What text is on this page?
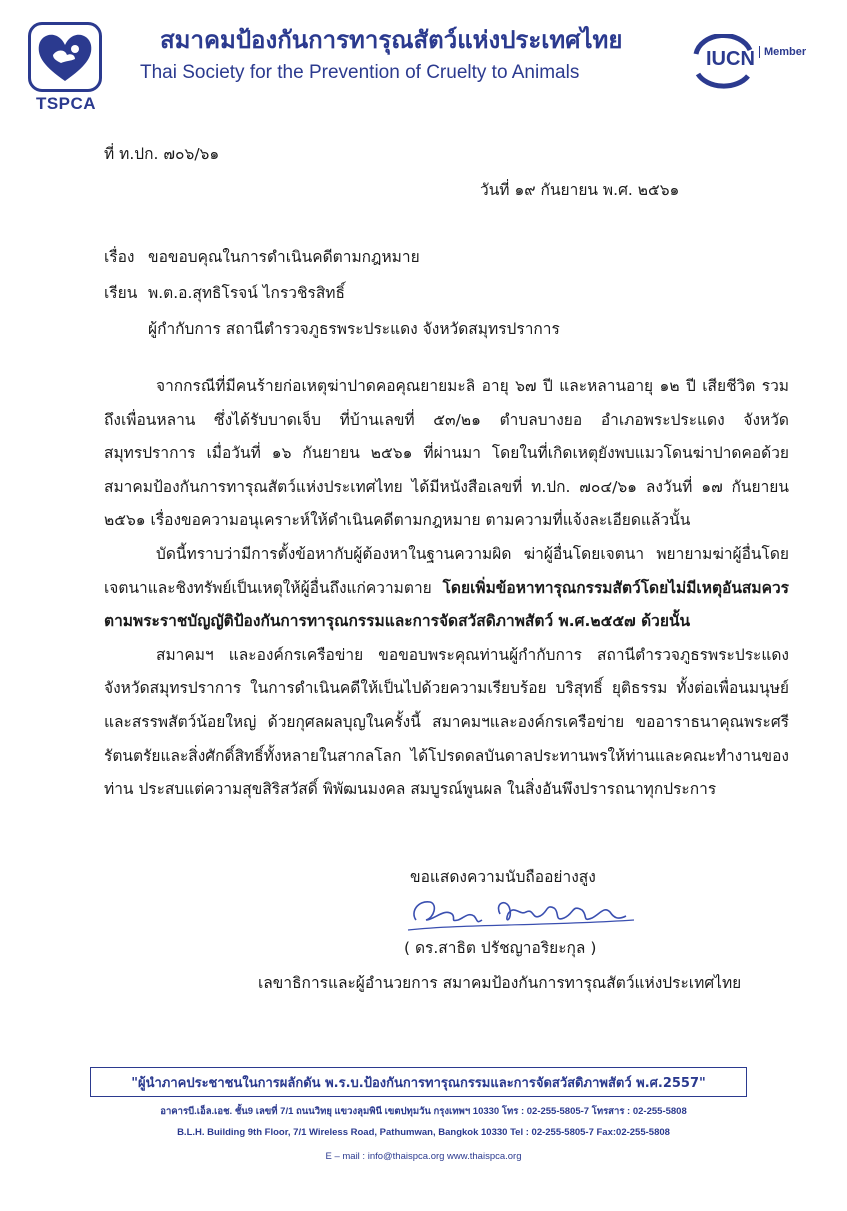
TSPCA
สมาคมป้องกันการทารุณสัตว์แห่งประเทศไทย
Thai Society for the Prevention of Cruelty to Animals
IUCN Member
ที่ ท.ปก. ๗๐๖/๖๑
วันที่ ๑๙ กันยายน พ.ศ. ๒๕๖๑
เรื่อง ขอขอบคุณในการดำเนินคดีตามกฎหมาย
เรียน พ.ต.อ.สุทธิโรจน์ ไกรวชิรสิทธิ์
ผู้กำกับการ สถานีตำรวจภูธรพระประแดง จังหวัดสมุทรปราการ

จากกรณีที่มีคนร้ายก่อเหตุฆ่าปาดคอคุณยายมะลิ อายุ ๖๗ ปี และหลานอายุ ๑๒ ปี เสียชีวิต รวมถึงเพื่อนหลาน ซึ่งได้รับบาดเจ็บ ที่บ้านเลขที่ ๕๓/๒๑ ตำบลบางยอ อำเภอพระประแดง จังหวัดสมุทรปราการ เมื่อวันที่ ๑๖ กันยายน ๒๕๖๑ ที่ผ่านมา โดยในที่เกิดเหตุยังพบแมวโดนฆ่าปาดคอด้วย สมาคมป้องกันการทารุณสัตว์แห่งประเทศไทย ได้มีหนังสือเลขที่ ท.ปก. ๗๐๔/๖๑ ลงวันที่ ๑๗ กันยายน ๒๕๖๑ เรื่องขอความอนุเคราะห์ให้ดำเนินคดีตามกฎหมาย ตามความที่แจ้งละเอียดแล้วนั้น

บัดนี้ทราบว่ามีการตั้งข้อหากับผู้ต้องหาในฐานความผิด ฆ่าผู้อื่นโดยเจตนา พยายามฆ่าผู้อื่นโดยเจตนาและชิงทรัพย์เป็นเหตุให้ผู้อื่นถึงแก่ความตาย โดยเพิ่มข้อหาทารุณกรรมสัตว์โดยไม่มีเหตุอันสมควร ตามพระราชบัญญัติป้องกันการทารุณกรรมและการจัดสวัสดิภาพสัตว์ พ.ศ.๒๕๕๗ ด้วยนั้น

สมาคมฯ และองค์กรเครือข่าย ขอขอบพระคุณท่านผู้กำกับการ สถานีตำรวจภูธรพระประแดง จังหวัดสมุทรปราการ ในการดำเนินคดีให้เป็นไปด้วยความเรียบร้อย บริสุทธิ์ ยุติธรรม ทั้งต่อเพื่อนมนุษย์และสรรพสัตว์น้อยใหญ่ ด้วยกุศลผลบุญในครั้งนี้ สมาคมฯและองค์กรเครือข่าย ขออาราธนาคุณพระศรีรัตนตรัยและสิ่งศักดิ์สิทธิ์ทั้งหลายในสากลโลก ได้โปรดดลบันดาลประทานพรให้ท่านและคณะทำงานของท่าน ประสบแต่ความสุขสิริสวัสดิ์ พิพัฒนมงคล สมบูรณ์พูนผล ในสิ่งอันพึงปรารถนาทุกประการ

ขอแสดงความนับถืออย่างสูง
( ดร.สาธิต ปรัชญาอริยะกุล )
เลขาธิการและผู้อำนวยการ สมาคมป้องกันการทารุณสัตว์แห่งประเทศไทย
"ผู้นำภาคประชาชนในการผลักดัน พ.ร.บ.ป้องกันการทารุณกรรมและการจัดสวัสดิภาพสัตว์ พ.ศ.2557"
อาคารบี.เอ็ล.เอช. ชั้น9 เลขที่ 7/1 ถนนวิทยุ แขวงลุมพินี เขตปทุมวัน กรุงเทพฯ 10330 โทร : 02-255-5805-7 โทรสาร : 02-255-5808
B.L.H. Building 9th Floor, 7/1 Wireless Road, Pathumwan, Bangkok 10330 Tel : 02-255-5805-7 Fax:02-255-5808
E – mail : info@thaispca.org www.thaispca.org
